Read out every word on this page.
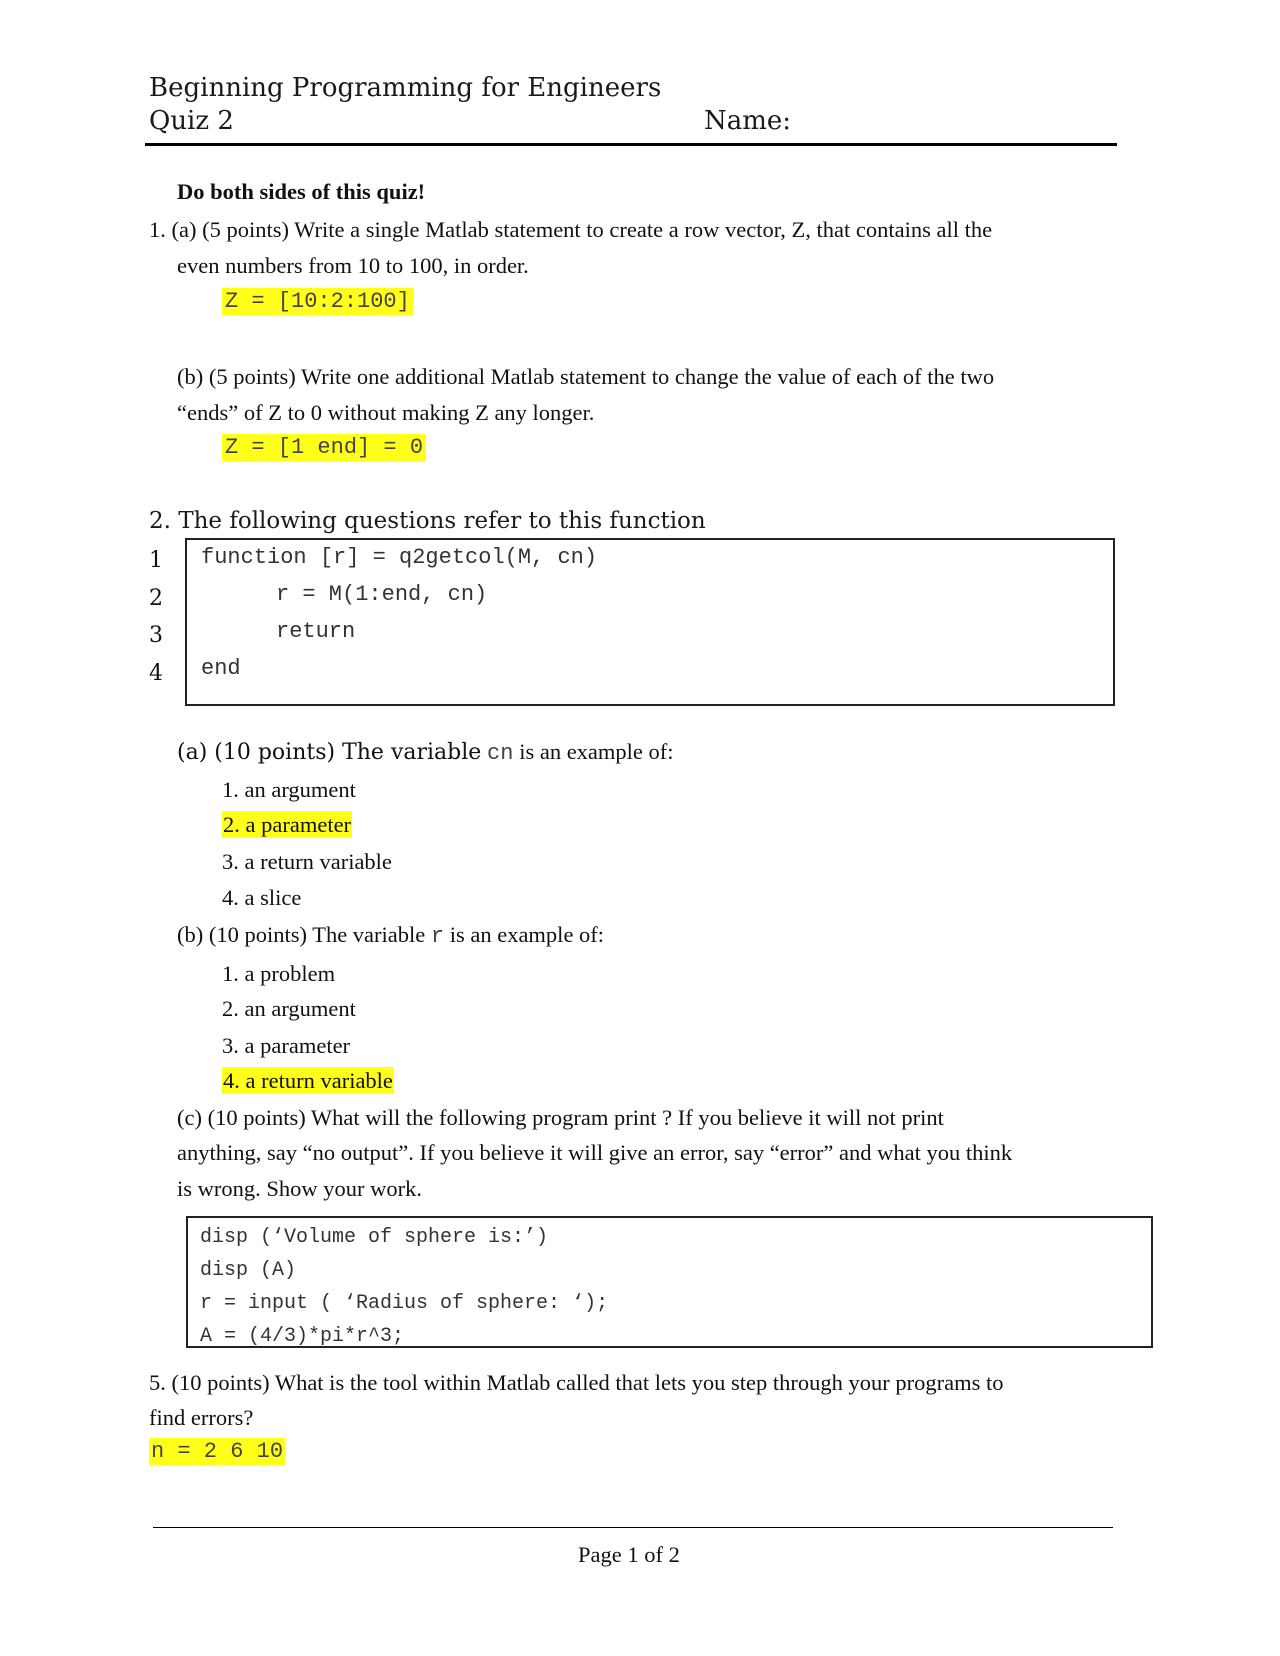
Beginning Programming for Engineers
Quiz 2	Name:
Do both sides of this quiz!
1. (a) (5 points) Write a single Matlab statement to create a row vector, Z, that contains all the
even numbers from 10 to 100, in order.
Z = [10:2:100]
(b) (5 points) Write one additional Matlab statement to change the value of each of the two
“ends” of Z to 0 without making Z any longer.
Z = [1 end] = 0
2. The following questions refer to this function
1
2
3
4
function [r] = q2getcol(M, cn)
r = M(1:end, cn)
return
end
(a) (10 points) The variable cn is an example of:
1. an argument
2. a parameter
3. a return variable
4. a slice
(b) (10 points) The variable r is an example of:
1. a problem
2. an argument
3. a parameter
4. a return variable
(c) (10 points) What will the following program print ? If you believe it will not print
anything, say “no output”. If you believe it will give an error, say “error” and what you think
is wrong. Show your work.
disp (‘Volume of sphere is:’)
disp (A)
r = input ( ‘Radius of sphere: ‘);
A = (4/3)*pi*r^3;
5. (10 points) What is the tool within Matlab called that lets you step through your programs to
find errors?
n = 2 6 10
Page 1 of 2
